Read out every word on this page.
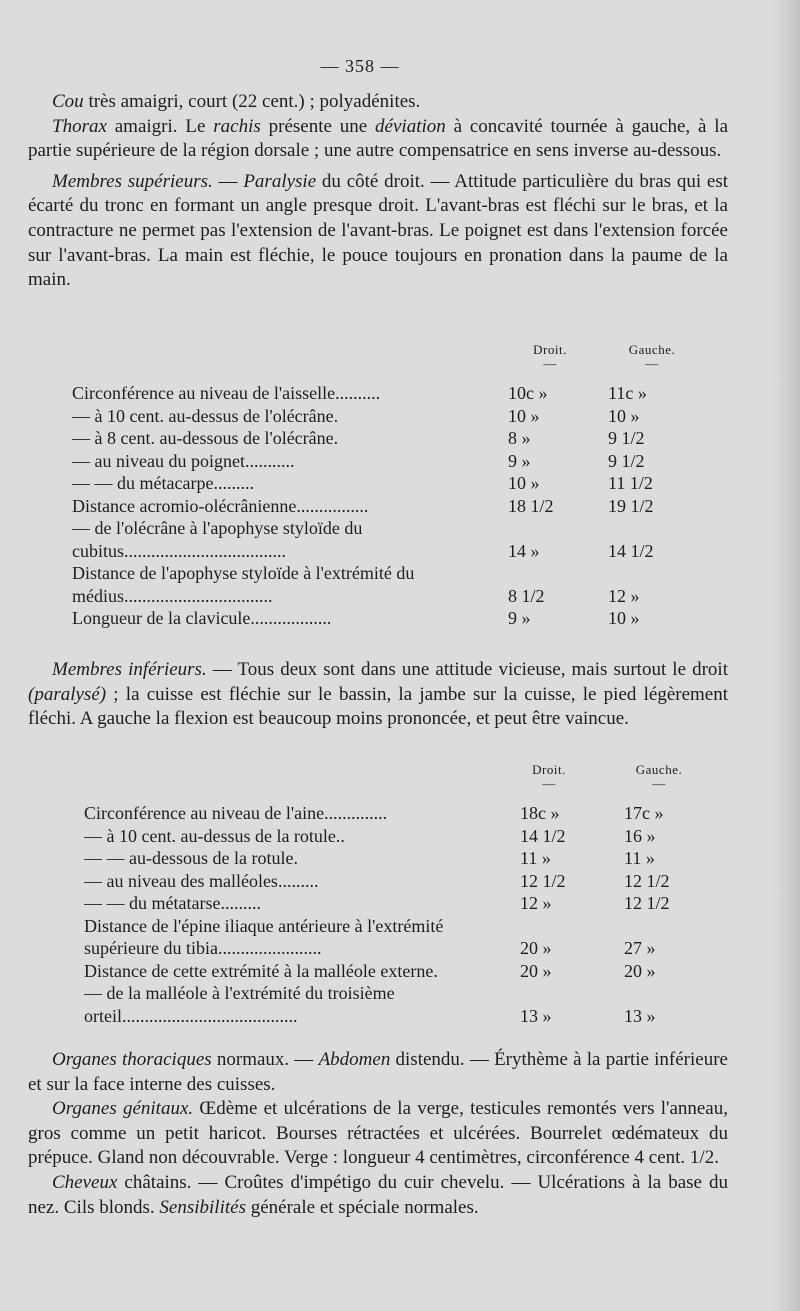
— 358 —

Cou très amaigri, court (22 cent.) ; polyadénites.

Thorax amaigri. Le rachis présente une déviation à concavité tournée à gauche, à la partie supérieure de la région dorsale ; une autre compensatrice en sens inverse au-dessous.

Membres supérieurs. — Paralysie du côté droit. — Attitude particulière du bras qui est écarté du tronc en formant un angle presque droit. L'avant-bras est fléchi sur le bras, et la contracture ne permet pas l'extension de l'avant-bras. Le poignet est dans l'extension forcée sur l'avant-bras. La main est fléchie, le pouce toujours en pronation dans la paume de la main.

Droit.
—
Gauche.
—
Circonférence au niveau de l'aisselle..........	10c »	11c »
— à 10 cent. au-dessus de l'olécrâne.	10 »	10 »
— à 8 cent. au-dessous de l'olécrâne.	8 »	9 1/2
— au niveau du poignet...........	9 »	9 1/2
— — du métacarpe.........	10 »	11 1/2
Distance acromio-olécrânienne................	18 1/2	19 1/2
— de l'olécrâne à l'apophyse styloïde du
cubitus....................................	14 »	14 1/2
Distance de l'apophyse styloïde à l'extrémité du
médius.................................	8 1/2	12 »
Longueur de la clavicule..................	9 »	10 »

Membres inférieurs. — Tous deux sont dans une attitude vicieuse, mais surtout le droit (paralysé) ; la cuisse est fléchie sur le bassin, la jambe sur la cuisse, le pied légèrement fléchi. A gauche la flexion est beaucoup moins prononcée, et peut être vaincue.

Droit.
—
Gauche.
—
Circonférence au niveau de l'aine..............	18c »	17c »
— à 10 cent. au-dessus de la rotule..	14 1/2	16 »
— — au-dessous de la rotule.	11 »	11 »
— au niveau des malléoles.........	12 1/2	12 1/2
— — du métatarse.........	12 »	12 1/2
Distance de l'épine iliaque antérieure à l'extrémité
supérieure du tibia.......................	20 »	27 »
Distance de cette extrémité à la malléole externe.	20 »	20 »
— de la malléole à l'extrémité du troisième
orteil.......................................	13 »	13 »

Organes thoraciques normaux. — Abdomen distendu. — Érythème à la partie inférieure et sur la face interne des cuisses.

Organes génitaux. Œdème et ulcérations de la verge, testicules remontés vers l'anneau, gros comme un petit haricot. Bourses rétractées et ulcérées. Bourrelet œdémateux du prépuce. Gland non découvrable. Verge : longueur 4 centimètres, circonférence 4 cent. 1/2.

Cheveux châtains. — Croûtes d'impétigo du cuir chevelu. — Ulcérations à la base du nez. Cils blonds. Sensibilités générale et spéciale normales.
